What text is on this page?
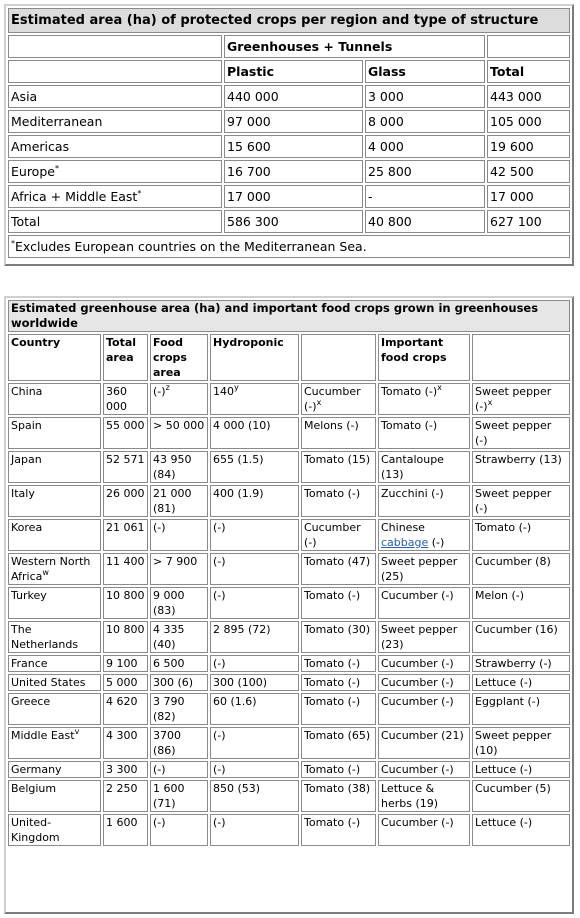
Estimated area (ha) of protected crops per region and type of structure			
	Greenhouses + Tunnels		
	Plastic	Glass	Total
Asia	440 000	3 000	443 000
Mediterranean	97 000	8 000	105 000
Americas	15 600	4 000	19 600
Europe*	16 700	25 800	42 500
Africa + Middle East*	17 000	-	17 000
Total	586 300	40 800	627 100
*Excludes European countries on the Mediterranean Sea.			
Estimated greenhouse area (ha) and important food crops grown in greenhouses worldwide						
Country	Total area	Food crops area	Hydroponic		Important food crops	
China	360 000	$(-)^z$	140$^y$	Cucumber $(-)^x$	Tomato $(-)^x$	Sweet pepper $(-)^x$
Spain	55 000	> 50 000	4 000 (10)	Melons (-)	Tomato (-)	Sweet pepper (-)
Japan	52 571	43 950 (84)	655 (1.5)	Tomato (15)	Cantaloupe (13)	Strawberry (13)
Italy	26 000	21 000 (81)	400 (1.9)	Tomato (-)	Zucchini (-)	Sweet pepper (-)
Korea	21 061	(-)	(-)	Cucumber (-)	Chinese cabbage (-)	Tomato (-)
Western North Africa$^w$	11 400	> 7 900	(-)	Tomato (47)	Sweet pepper (25)	Cucumber (8)
Turkey	10 800	9 000 (83)	(-)	Tomato (-)	Cucumber (-)	Melon (-)
The Netherlands	10 800	4 335 (40)	2 895 (72)	Tomato (30)	Sweet pepper (23)	Cucumber (16)
France	9 100	6 500	(-)	Tomato (-)	Cucumber (-)	Strawberry (-)
United States	5 000	300 (6)	300 (100)	Tomato (-)	Cucumber (-)	Lettuce (-)
Greece	4 620	3 790 (82)	60 (1.6)	Tomato (-)	Cucumber (-)	Eggplant (-)
Middle East$^v$	4 300	3700 (86)	(-)	Tomato (65)	Cucumber (21)	Sweet pepper (10)
Germany	3 300	(-)	(-)	Tomato (-)	Cucumber (-)	Lettuce (-)
Belgium	2 250	1 600 (71)	850 (53)	Tomato (38)	Lettuce & herbs (19)	Cucumber (5)
United-Kingdom	1 600	(-)	(-)	Tomato (-)	Cucumber (-)	Lettuce (-)
